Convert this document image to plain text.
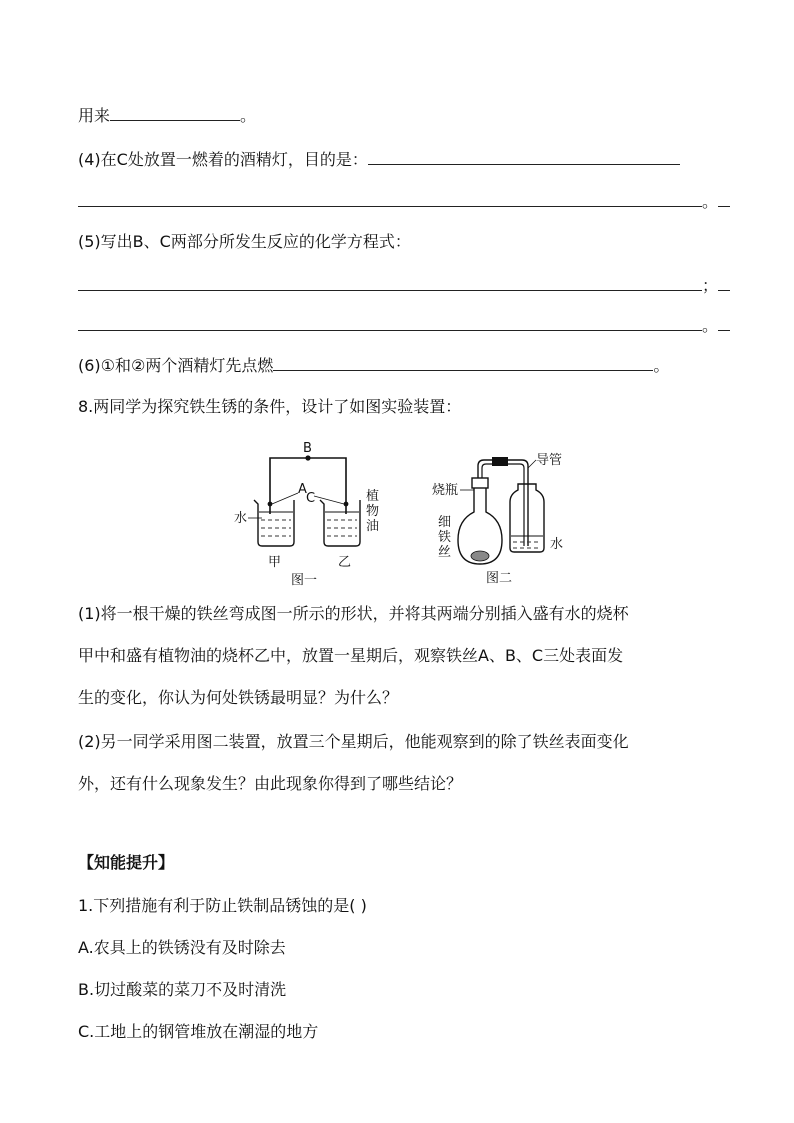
用来	。
(4)在C处放置一燃着的酒精灯，目的是：
。
(5)写出B、C两部分所发生反应的化学方程式：
；
。
(6)①和②两个酒精灯先点燃	。
8.两同学为探究铁生锈的条件，设计了如图实验装置：
B
A
C
水
甲
植
物
油
乙
图一
导管
烧瓶
细
铁
丝
水
图二
(1)将一根干燥的铁丝弯成图一所示的形状，并将其两端分别插入盛有水的烧杯
甲中和盛有植物油的烧杯乙中，放置一星期后，观察铁丝A、B、C三处表面发
生的变化，你认为何处铁锈最明显？为什么？
(2)另一同学采用图二装置，放置三个星期后，他能观察到的除了铁丝表面变化
外，还有什么现象发生？由此现象你得到了哪些结论？
【知能提升】
1.下列措施有利于防止铁制品锈蚀的是( )
A.农具上的铁锈没有及时除去
B.切过酸菜的菜刀不及时清洗
C.工地上的钢管堆放在潮湿的地方
